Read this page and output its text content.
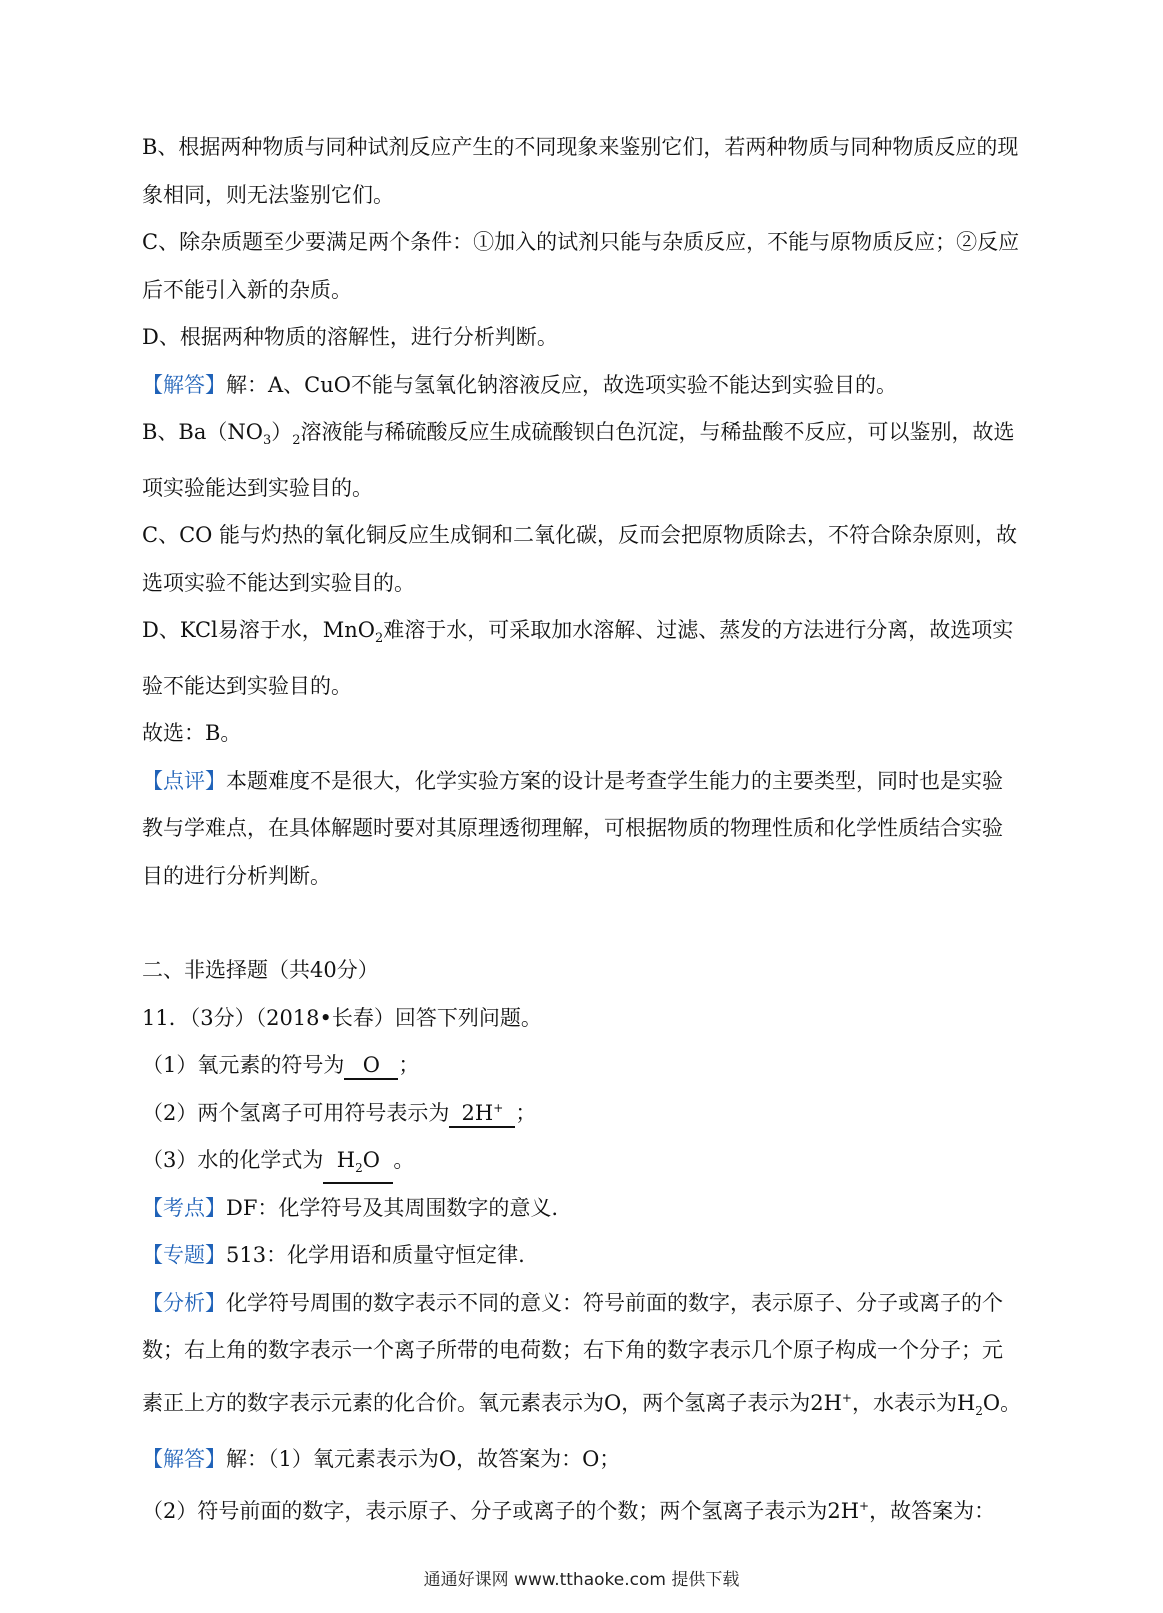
B、根据两种物质与同种试剂反应产生的不同现象来鉴别它们，若两种物质与同种物质反应的现象相同，则无法鉴别它们。

C、除杂质题至少要满足两个条件：①加入的试剂只能与杂质反应，不能与原物质反应；②反应后不能引入新的杂质。

D、根据两种物质的溶解性，进行分析判断。

【解答】解：A、CuO不能与氢氧化钠溶液反应，故选项实验不能达到实验目的。

B、$Ba(NO_3)_2$溶液能与稀硫酸反应生成硫酸钡白色沉淀，与稀盐酸不反应，可以鉴别，故选项实验能达到实验目的。

C、CO 能与灼热的氧化铜反应生成铜和二氧化碳，反而会把原物质除去，不符合除杂原则，故选项实验不能达到实验目的。

D、KCl易溶于水，MnO$_2$难溶于水，可采取加水溶解、过滤、蒸发的方法进行分离，故选项实验不能达到实验目的。

故选：B。

【点评】本题难度不是很大，化学实验方案的设计是考查学生能力的主要类型，同时也是实验教与学难点，在具体解题时要对其原理透彻理解，可根据物质的物理性质和化学性质结合实验目的进行分析判断。

二、非选择题（共40分）

11．（3分）（2018•长春）回答下列问题。

（1）氧元素的符号为 O ；

（2）两个氢离子可用符号表示为 2H+ ；

（3）水的化学式为 $H_2O$ 。

【考点】DF：化学符号及其周围数字的意义.

【专题】513：化学用语和质量守恒定律.

【分析】化学符号周围的数字表示不同的意义：符号前面的数字，表示原子、分子或离子的个数；右上角的数字表示一个离子所带的电荷数；右下角的数字表示几个原子构成一个分子；元素正上方的数字表示元素的化合价。氧元素表示为O，两个氢离子表示为2H+，水表示为$H_2O$。

【解答】解：（1）氧元素表示为O，故答案为：O；

（2）符号前面的数字，表示原子、分子或离子的个数；两个氢离子表示为2H+，故答案为：

通通好课网 www.tthaoke.com 提供下载
